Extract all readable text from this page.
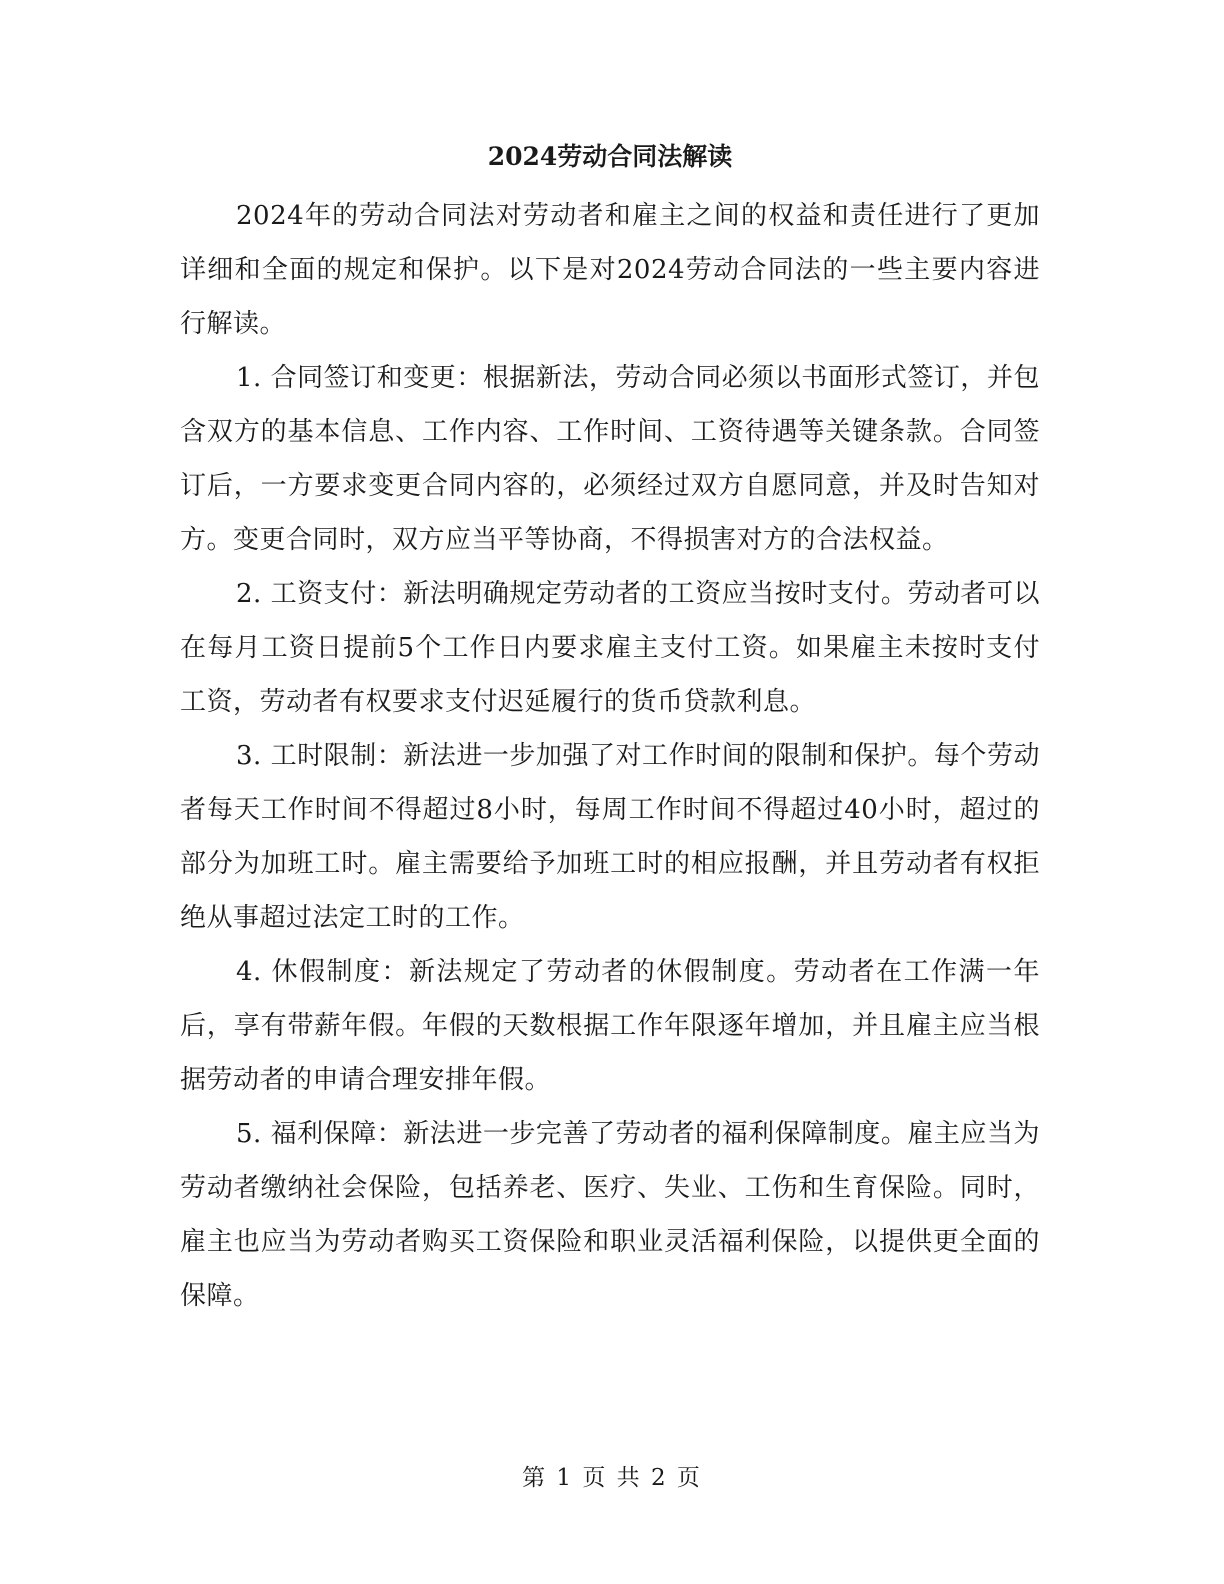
2024劳动合同法解读

2024年的劳动合同法对劳动者和雇主之间的权益和责任进行了更加详细和全面的规定和保护。以下是对2024劳动合同法的一些主要内容进行解读。

1. 合同签订和变更：根据新法，劳动合同必须以书面形式签订，并包含双方的基本信息、工作内容、工作时间、工资待遇等关键条款。合同签订后，一方要求变更合同内容的，必须经过双方自愿同意，并及时告知对方。变更合同时，双方应当平等协商，不得损害对方的合法权益。

2. 工资支付：新法明确规定劳动者的工资应当按时支付。劳动者可以在每月工资日提前5个工作日内要求雇主支付工资。如果雇主未按时支付工资，劳动者有权要求支付迟延履行的货币贷款利息。

3. 工时限制：新法进一步加强了对工作时间的限制和保护。每个劳动者每天工作时间不得超过8小时，每周工作时间不得超过40小时，超过的部分为加班工时。雇主需要给予加班工时的相应报酬，并且劳动者有权拒绝从事超过法定工时的工作。

4. 休假制度：新法规定了劳动者的休假制度。劳动者在工作满一年后，享有带薪年假。年假的天数根据工作年限逐年增加，并且雇主应当根据劳动者的申请合理安排年假。

5. 福利保障：新法进一步完善了劳动者的福利保障制度。雇主应当为劳动者缴纳社会保险，包括养老、医疗、失业、工伤和生育保险。同时，雇主也应当为劳动者购买工资保险和职业灵活福利保险，以提供更全面的保障。

第 1 页 共 2 页
